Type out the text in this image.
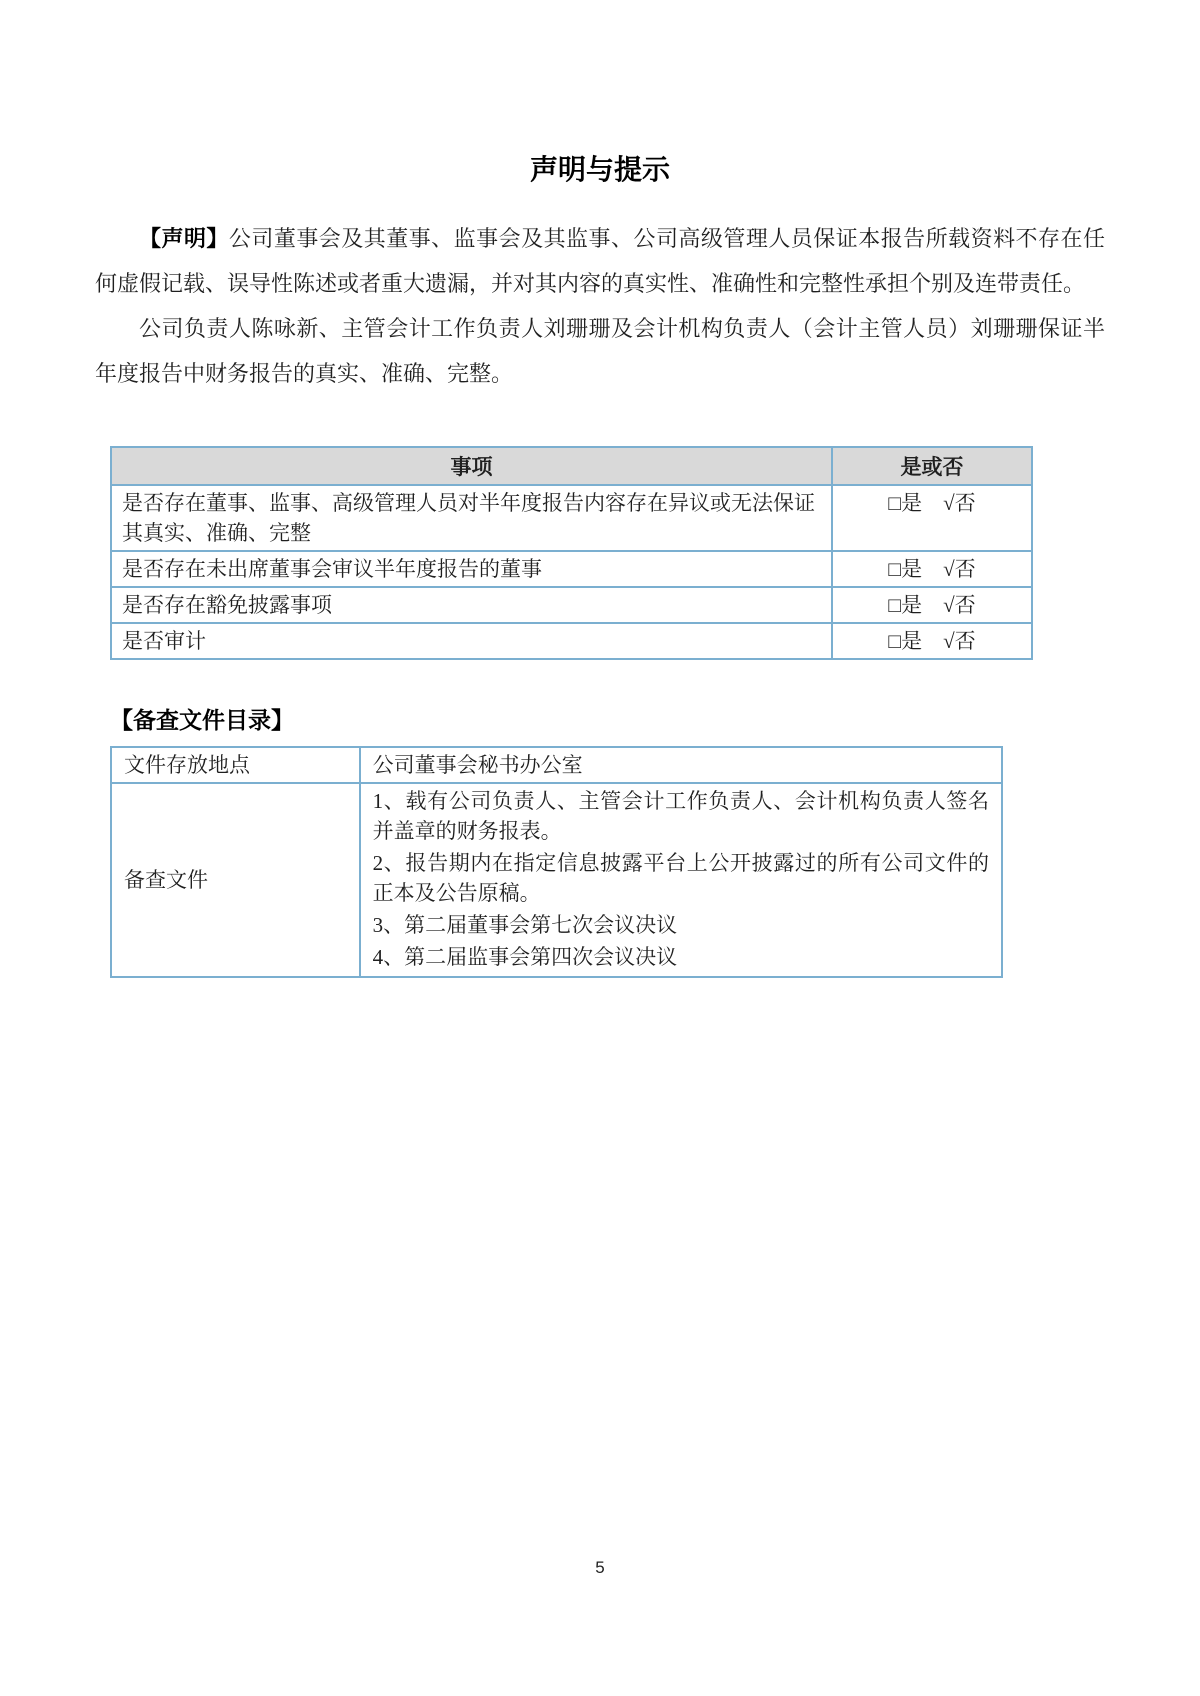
声明与提示

【声明】公司董事会及其董事、监事会及其监事、公司高级管理人员保证本报告所载资料不存在任何虚假记载、误导性陈述或者重大遗漏，并对其内容的真实性、准确性和完整性承担个别及连带责任。

公司负责人陈咏新、主管会计工作负责人刘珊珊及会计机构负责人（会计主管人员）刘珊珊保证半年度报告中财务报告的真实、准确、完整。

事项	是或否
是否存在董事、监事、高级管理人员对半年度报告内容存在异议或无法保证其真实、准确、完整	□是　√否
是否存在未出席董事会审议半年度报告的董事	□是　√否
是否存在豁免披露事项	□是　√否
是否审计	□是　√否
【备查文件目录】
文件存放地点	公司董事会秘书办公室
备查文件	1、载有公司负责人、主管会计工作负责人、会计机构负责人签名并盖章的财务报表。
2、报告期内在指定信息披露平台上公开披露过的所有公司文件的正本及公告原稿。
3、第二届董事会第七次会议决议
4、第二届监事会第四次会议决议
5
